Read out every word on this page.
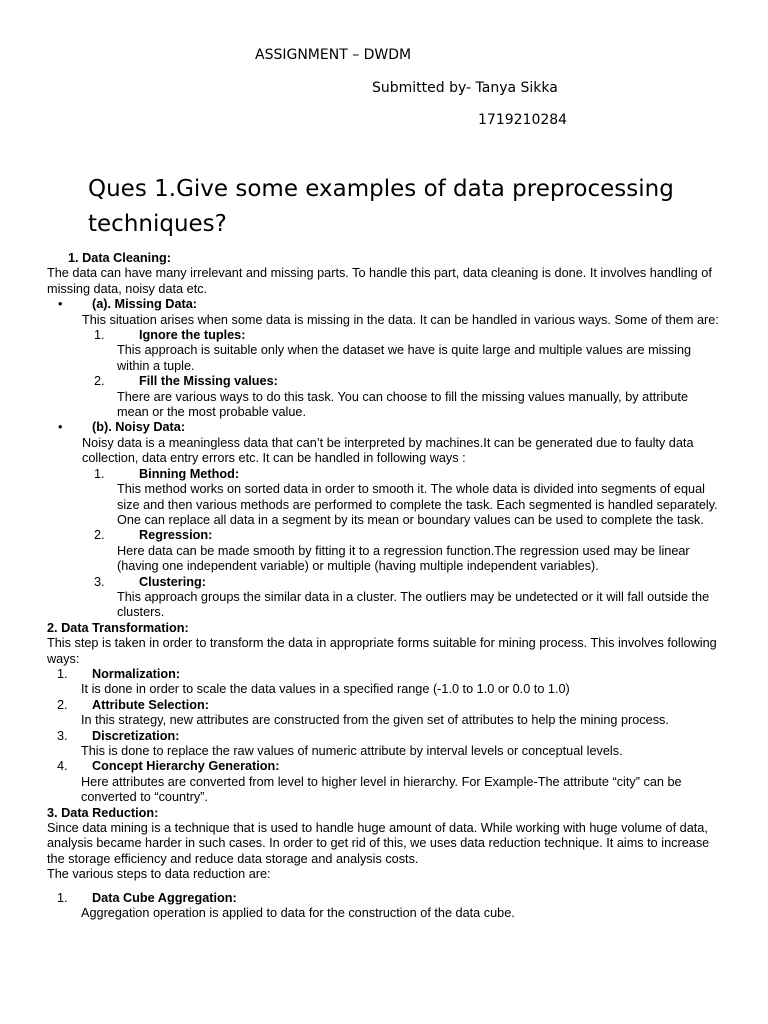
ASSIGNMENT – DWDM
Submitted by- Tanya Sikka
1719210284
Ques 1.Give some examples of data preprocessing techniques?
1. Data Cleaning:
The data can have many irrelevant and missing parts. To handle this part, data cleaning is done. It involves handling of missing data, noisy data etc.
• (a). Missing Data:
This situation arises when some data is missing in the data. It can be handled in various ways. Some of them are:
1.	Ignore the tuples:
This approach is suitable only when the dataset we have is quite large and multiple values are missing within a tuple.
2.	Fill the Missing values:
There are various ways to do this task. You can choose to fill the missing values manually, by attribute mean or the most probable value.
• (b). Noisy Data:
Noisy data is a meaningless data that can’t be interpreted by machines.It can be generated due to faulty data collection, data entry errors etc. It can be handled in following ways :
1.	Binning Method:
This method works on sorted data in order to smooth it. The whole data is divided into segments of equal size and then various methods are performed to complete the task. Each segmented is handled separately. One can replace all data in a segment by its mean or boundary values can be used to complete the task.
2.	Regression:
Here data can be made smooth by fitting it to a regression function.The regression used may be linear (having one independent variable) or multiple (having multiple independent variables).
3.	Clustering:
This approach groups the similar data in a cluster. The outliers may be undetected or it will fall outside the clusters.
2. Data Transformation:
This step is taken in order to transform the data in appropriate forms suitable for mining process. This involves following ways:
1. Normalization:
It is done in order to scale the data values in a specified range (-1.0 to 1.0 or 0.0 to 1.0)
2. Attribute Selection:
In this strategy, new attributes are constructed from the given set of attributes to help the mining process.
3. Discretization:
This is done to replace the raw values of numeric attribute by interval levels or conceptual levels.
4. Concept Hierarchy Generation:
Here attributes are converted from level to higher level in hierarchy. For Example-The attribute “city” can be converted to “country”.
3. Data Reduction:
Since data mining is a technique that is used to handle huge amount of data. While working with huge volume of data, analysis became harder in such cases. In order to get rid of this, we uses data reduction technique. It aims to increase the storage efficiency and reduce data storage and analysis costs.
The various steps to data reduction are:
1. Data Cube Aggregation:
Aggregation operation is applied to data for the construction of the data cube.
